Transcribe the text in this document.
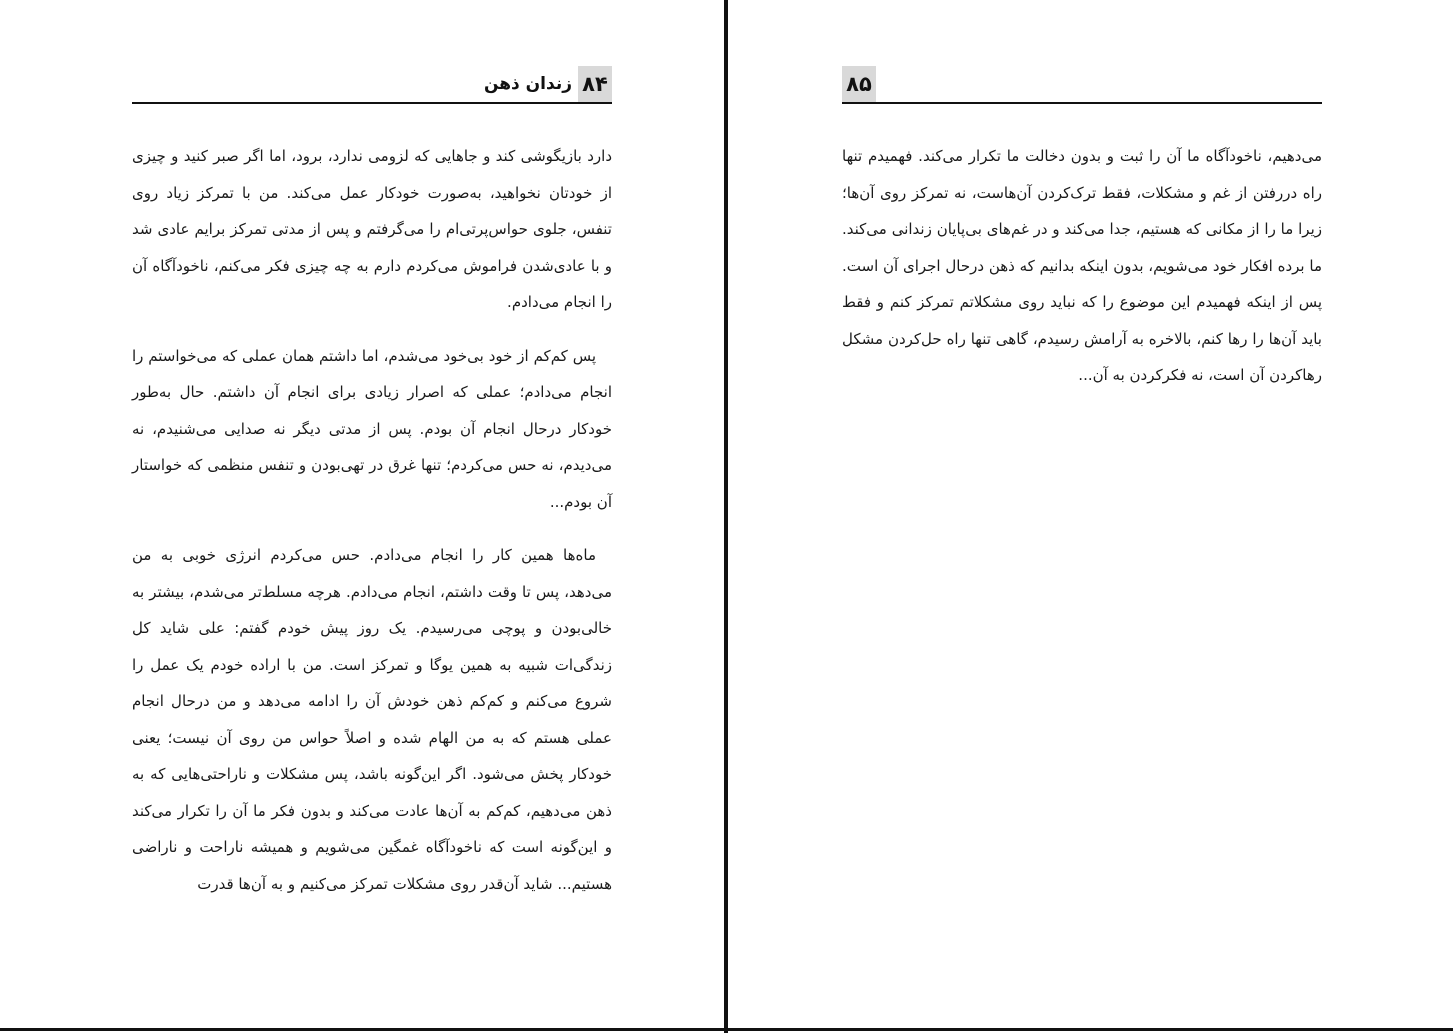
زندان ذهن ۸۴

دارد بازیگوشی کند و جاهایی که لزومی ندارد، برود، اما اگر صبر کنید و چیزی از خودتان نخواهید، به‌صورت خودکار عمل می‌کند. من با تمرکز زیاد روی تنفس، جلوی حواس‌پرتی‌ام را می‌گرفتم و پس از مدتی تمرکز برایم عادی شد و با عادی‌شدن فراموش می‌کردم دارم به چه چیزی فکر می‌کنم، ناخودآگاه آن را انجام می‌دادم.

پس کم‌کم از خود بی‌خود می‌شدم، اما داشتم همان عملی که می‌خواستم را انجام می‌دادم؛ عملی که اصرار زیادی برای انجام آن داشتم. حال به‌طور خودکار درحال انجام آن بودم. پس از مدتی دیگر نه صدایی می‌شنیدم، نه می‌دیدم، نه حس می‌کردم؛ تنها غرق در تهی‌بودن و تنفس منظمی که خواستار آن بودم...

ماه‌ها همین کار را انجام می‌دادم. حس می‌کردم انرژی خوبی به من می‌دهد، پس تا وقت داشتم، انجام می‌دادم. هرچه مسلط‌تر می‌شدم، بیشتر به خالی‌بودن و پوچی می‌رسیدم. یک روز پیش خودم گفتم: علی شاید کل زندگی‌ات شبیه به همین یوگا و تمرکز است. من با اراده خودم یک عمل را شروع می‌کنم و کم‌کم ذهن خودش آن را ادامه می‌دهد و من درحال انجام عملی هستم که به من الهام شده و اصلاً حواس من روی آن نیست؛ یعنی خودکار پخش می‌شود. اگر این‌گونه باشد، پس مشکلات و ناراحتی‌هایی که به ذهن می‌دهیم، کم‌کم به آن‌ها عادت می‌کند و بدون فکر ما آن را تکرار می‌کند و این‌گونه است که ناخودآگاه غمگین می‌شویم و همیشه ناراحت و ناراضی هستیم... شاید آن‌قدر روی مشکلات تمرکز می‌کنیم و به آن‌ها قدرت

۸۵

می‌دهیم، ناخودآگاه ما آن را ثبت و بدون دخالت ما تکرار می‌کند. فهمیدم تنها راه دررفتن از غم و مشکلات، فقط ترک‌کردن آن‌هاست، نه تمرکز روی آن‌ها؛ زیرا ما را از مکانی که هستیم، جدا می‌کند و در غم‌های بی‌پایان زندانی می‌کند. ما برده افکار خود می‌شویم، بدون اینکه بدانیم که ذهن درحال اجرای آن است. پس از اینکه فهمیدم این موضوع را که نباید روی مشکلاتم تمرکز کنم و فقط باید آن‌ها را رها کنم، بالاخره به آرامش رسیدم، گاهی تنها راه حل‌کردن مشکل رهاکردن آن است، نه فکرکردن به آن...
